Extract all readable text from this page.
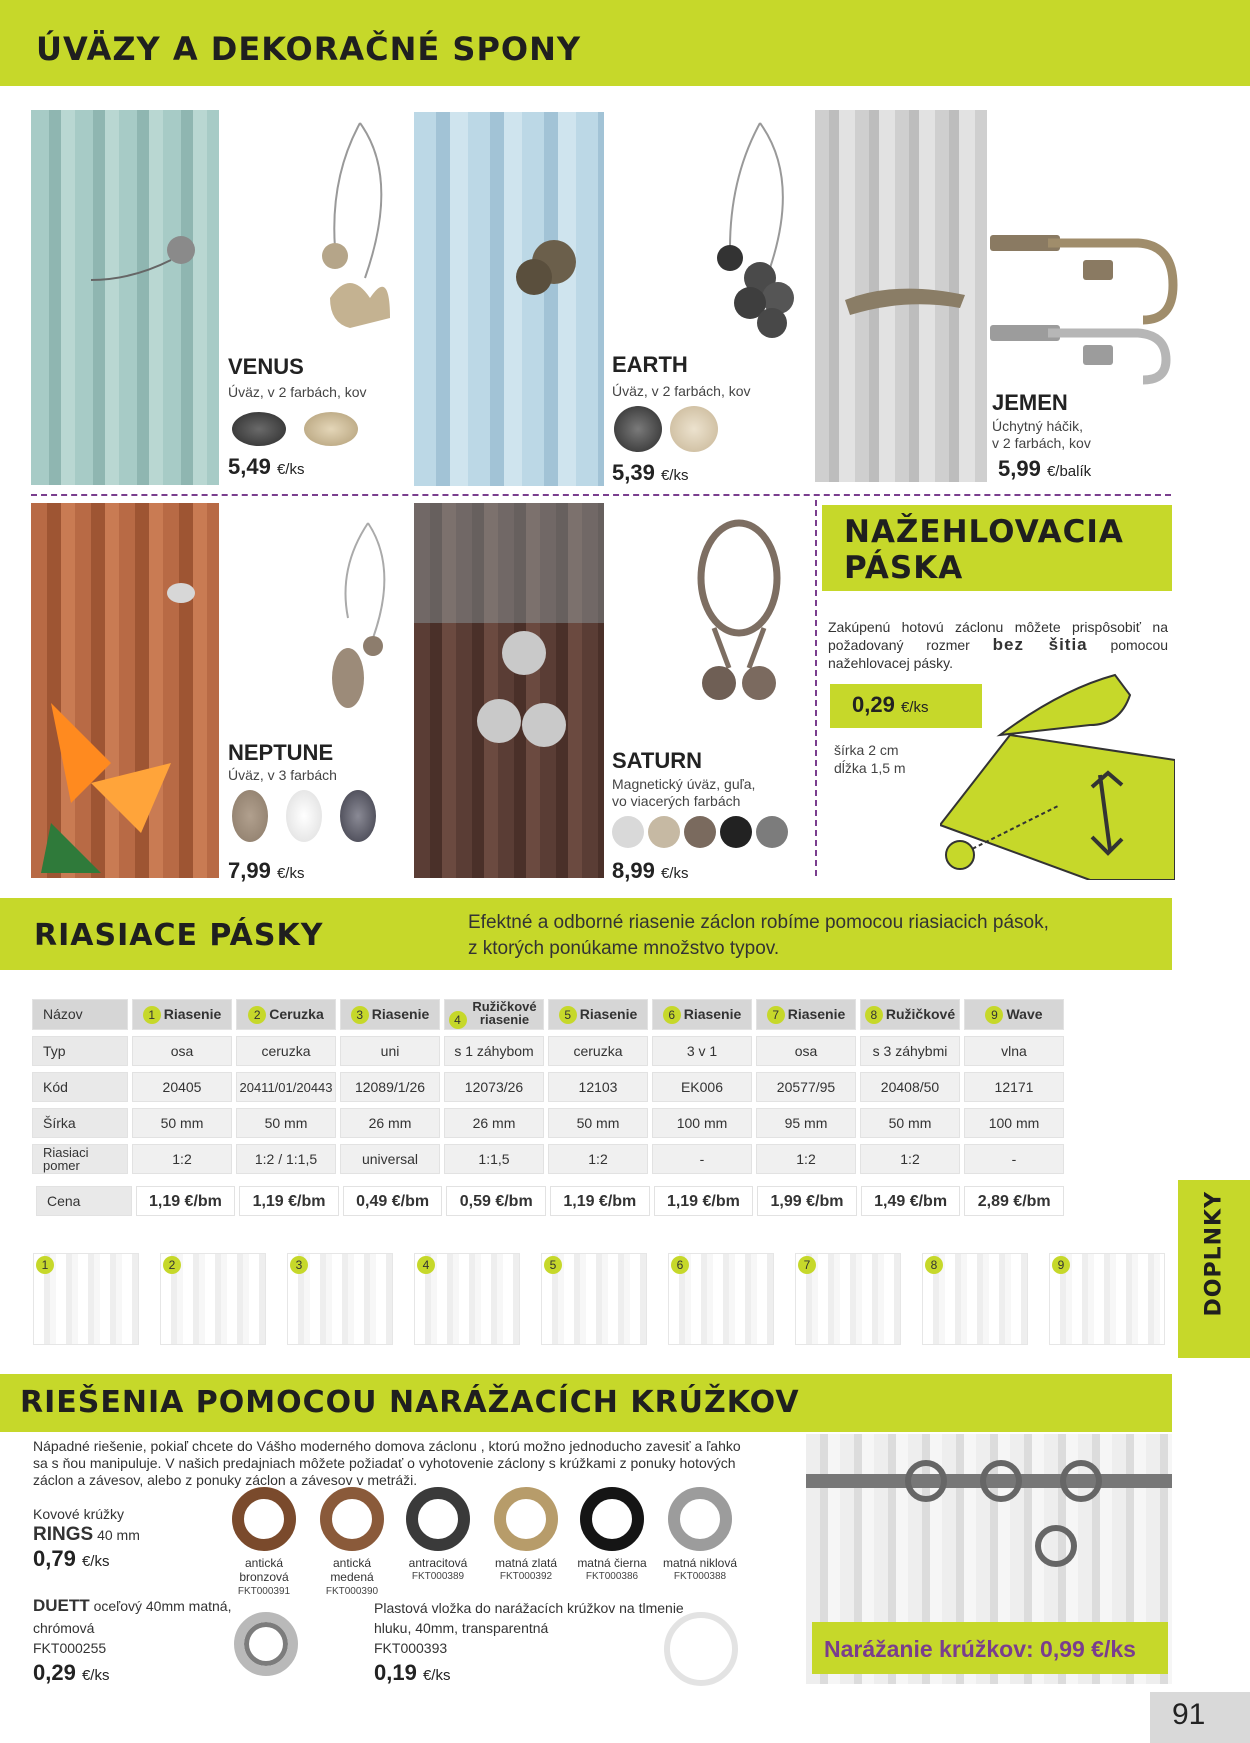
ÚVÄZY A DEKORAČNÉ SPONY
VENUS
Úväz, v 2 farbách, kov
5,49 €/ks
EARTH
Úväz, v 2 farbách, kov
5,39 €/ks
JEMEN
Úchytný háčik,
v 2 farbách, kov
5,99 €/balík
NEPTUNE
Úväz, v 3 farbách
7,99 €/ks
SATURN
Magnetický úväz, guľa,
vo viacerých farbách
8,99 €/ks
NAŽEHLOVACIA
PÁSKA
Zakúpenú hotovú záclonu môžete prispôsobiť na požadovaný rozmer bez šitia pomocou nažehlovacej pásky.
0,29 €/ks
šírka 2 cm
dĺžka 1,5 m
RIASIACE PÁSKY	Efektné a odborné riasenie záclon robíme pomocou riasiacich pások,
z ktorých ponúkame množstvo typov.
Názov	1 Riasenie	2 Ceruzka	3 Riasenie	4Ružičkové riasenie	5 Riasenie	6 Riasenie	7 Riasenie	8 Ružičkové	9 Wave
Typ	osa	ceruzka	uni	s 1 záhybom	ceruzka	3 v 1	osa	s 3 záhybmi	vlna
Kód	20405	20411/01/20443	12089/1/26	12073/26	12103	EK006	20577/95	20408/50	12171
Šírka	50 mm	50 mm	26 mm	26 mm	50 mm	100 mm	95 mm	50 mm	100 mm
Riasiaci pomer	1:2	1:2 / 1:1,5	universal	1:1,5	1:2	-	1:2	1:2	-

Cena	1,19 €/bm	1,19 €/bm	0,49 €/bm	0,59 €/bm	1,19 €/bm	1,19 €/bm	1,99 €/bm	1,49 €/bm	2,89 €/bm
1	2	3	4	5	6	7	8	9	DOPLNKY
RIEŠENIA POMOCOU NARÁŽACÍCH KRÚŽKOV
Nápadné riešenie, pokiaľ chcete do Vášho moderného domova záclonu , ktorú možno jednoducho zavesiť a ľahko
sa s ňou manipuluje. V našich predajniach môžete požiadať o vyhotovenie záclony s krúžkami z ponuky hotových
záclon a závesov, alebo z ponuky záclon a závesov v metráži.
Kovové krúžky
RINGS 40 mm
0,79 €/ks	antická
bronzová
FKT000391
antická
medená
FKT000390
antracitová
FKT000389
matná zlatá
FKT000392
matná čierna
FKT000386
matná niklová
FKT000388
DUETT oceľový 40mm matná,
chrómová
FKT000255
0,29 €/ks
Plastová vložka do narážacích krúžkov na tlmenie
hluku, 40mm, transparentná
FKT000393
0,19 €/ks
Narážanie krúžkov: 0,99 €/ks
91
